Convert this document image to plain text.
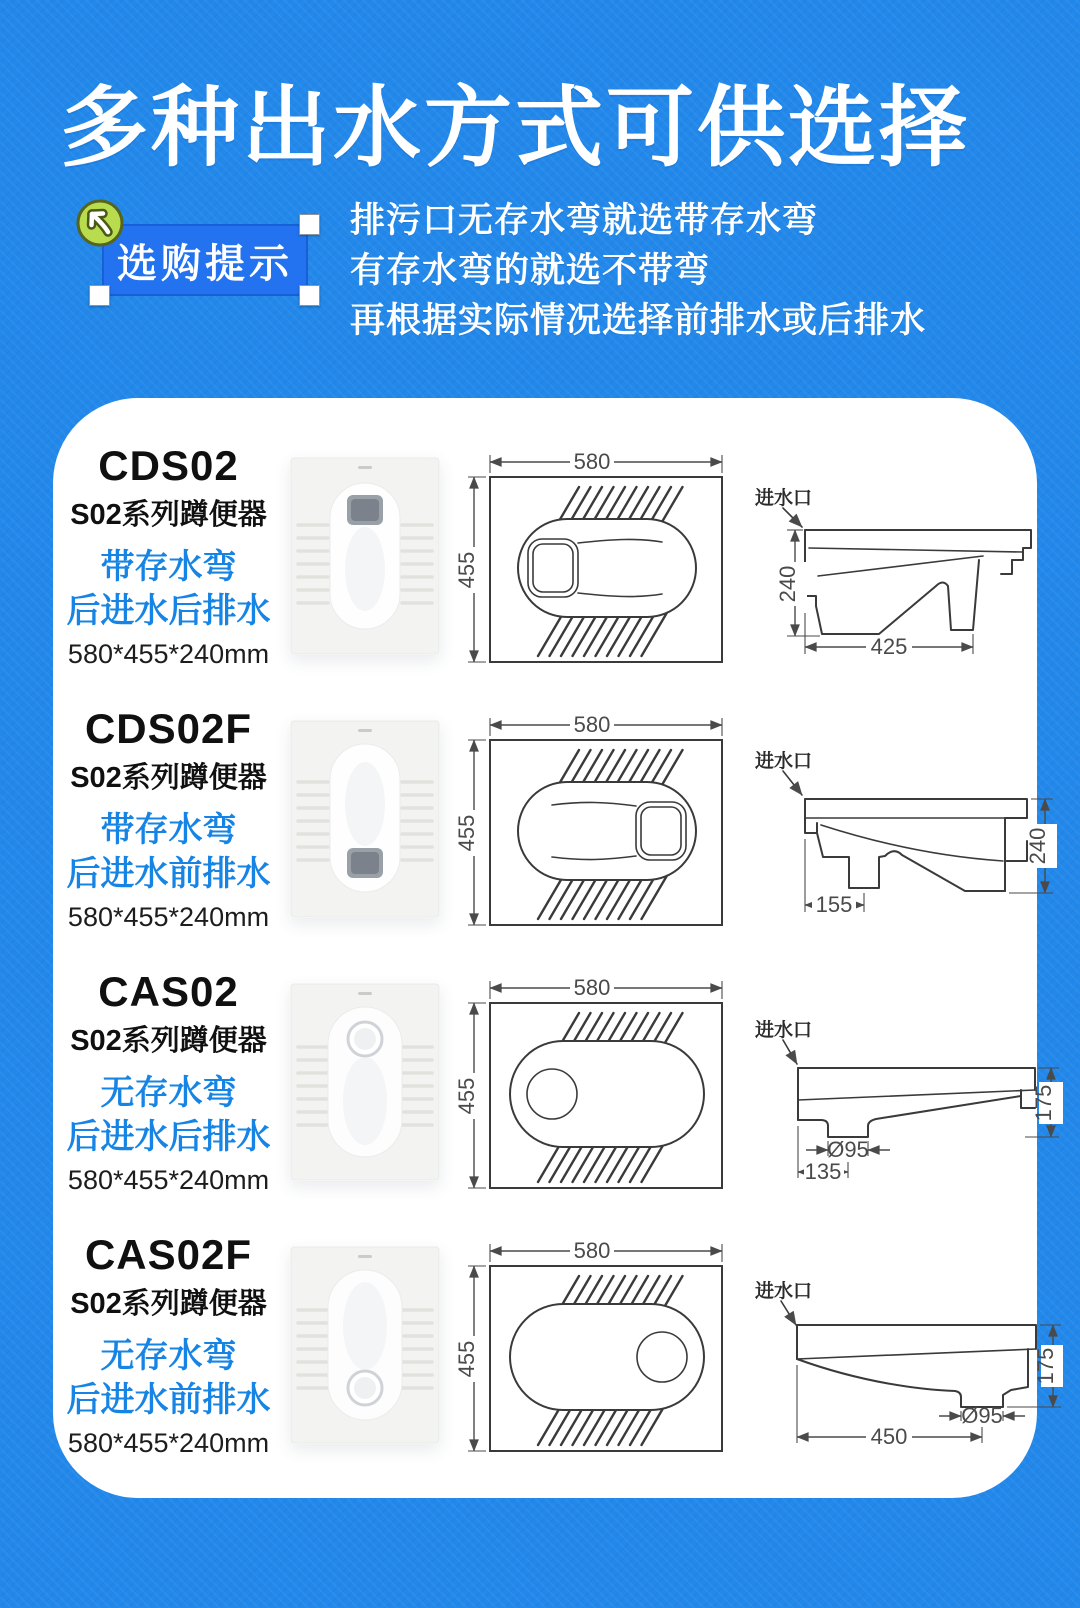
多种出水方式可供选择
选购提示
排污口无存水弯就选带存水弯
有存水弯的就选不带弯
再根据实际情况选择前排水或后排水
CDS02
S02系列蹲便器
带存水弯
后进水后排水
580*455*240mm
580
455
进水口
240
425
CDS02F
S02系列蹲便器
带存水弯
后进水前排水
580*455*240mm
580
455
进水口
240
155
CAS02
S02系列蹲便器
无存水弯
后进水后排水
580*455*240mm
580
455
进水口
Ø95
135
175
CAS02F
S02系列蹲便器
无存水弯
后进水前排水
580*455*240mm
580
455
进水口
Ø95
450
175
